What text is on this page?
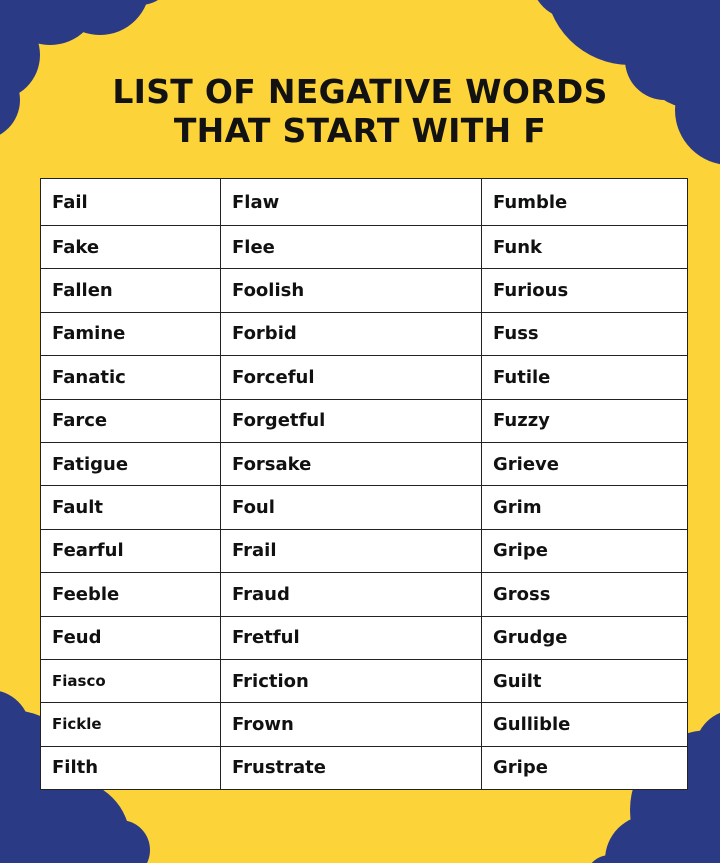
LIST OF NEGATIVE WORDS
THAT START WITH F
Fail	Flaw	Fumble
Fake	Flee	Funk
Fallen	Foolish	Furious
Famine	Forbid	Fuss
Fanatic	Forceful	Futile
Farce	Forgetful	Fuzzy
Fatigue	Forsake	Grieve
Fault	Foul	Grim
Fearful	Frail	Gripe
Feeble	Fraud	Gross
Feud	Fretful	Grudge
Fiasco	Friction	Guilt
Fickle	Frown	Gullible
Filth	Frustrate	Gripe
